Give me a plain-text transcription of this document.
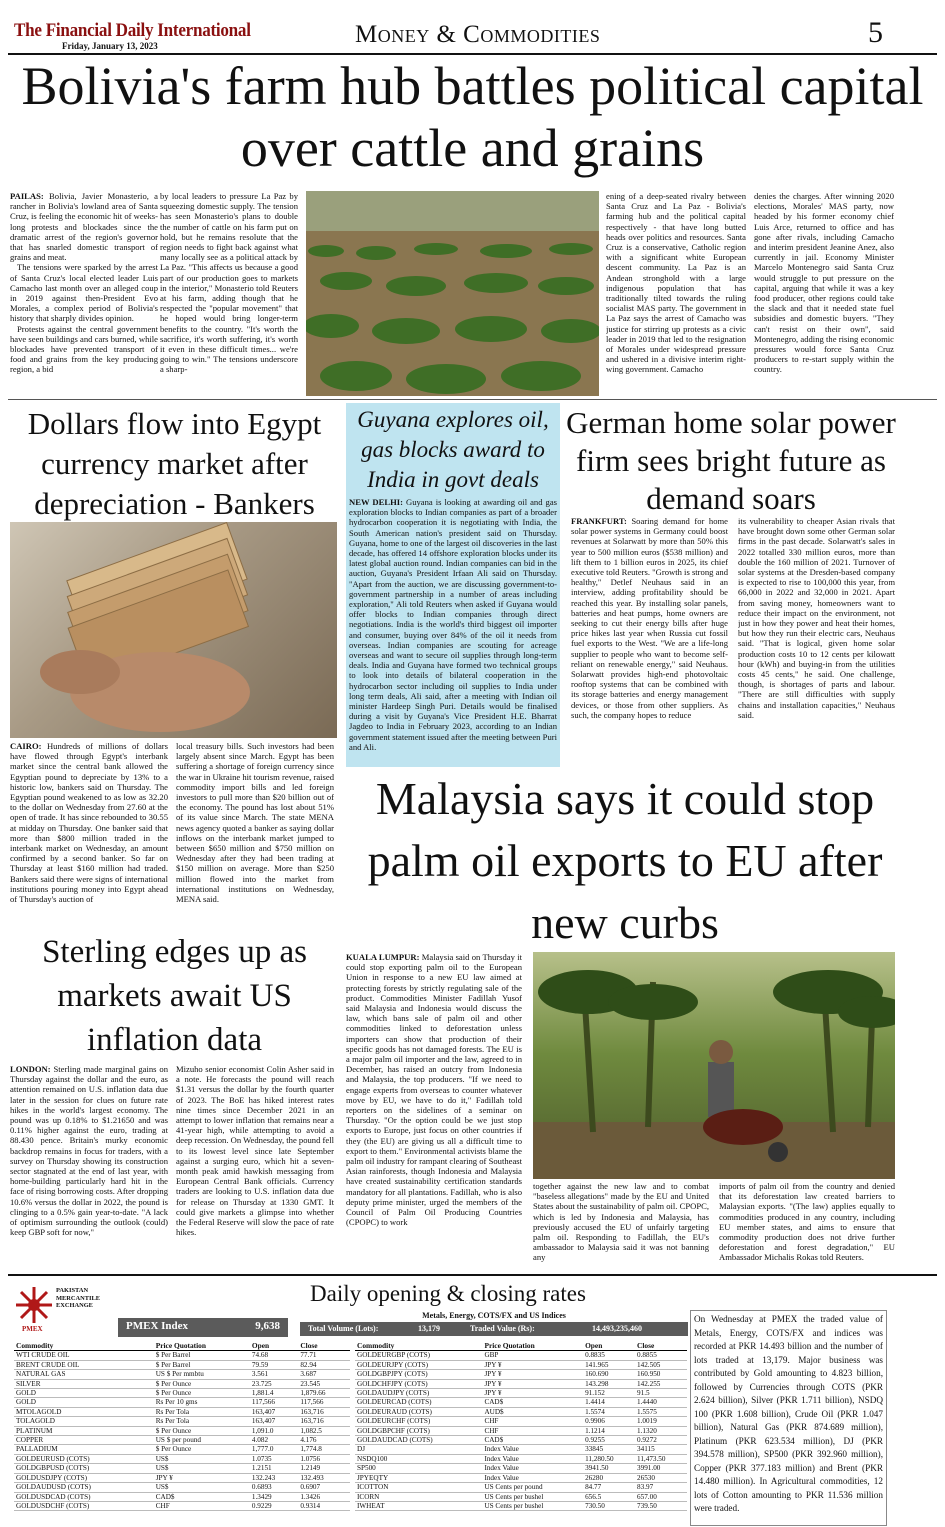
The Financial Daily International
Friday, January 13, 2023	Money & Commodities	5
Bolivia's farm hub battles political capital over cattle and grains
PAILAS: Bolivia, Javier Monasterio, a rancher in Bolivia's lowland area of Santa Cruz, is feeling the economic hit of weeks-long protests and blockades since the dramatic arrest of the region's governor that has snarled domestic transport of grains and meat.

The tensions were sparked by the arrest of Santa Cruz's local elected leader Luis Camacho last month over an alleged coup in 2019 against then-President Evo Morales, a complex period of Bolivia's history that sharply divides opinion.

Protests against the central government have seen buildings and cars burned, while blockades have prevented transport of food and grains from the key producing region, a bid

by local leaders to pressure La Paz by squeezing domestic supply. The tension has seen Monasterio's plans to double the number of cattle on his farm put on hold, but he remains resolute that the region needs to fight back against what many locally see as a political attack by La Paz. "This affects us because a good part of our production goes to markets in the interior," Monasterio told Reuters at his farm, adding though that he respected the "popular movement" that he hoped would bring longer-term benefits to the country. "It's worth the sacrifice, it's worth suffering, it's worth it even in these difficult times... we're going to win." The tensions underscore a sharp-
ening of a deep-seated rivalry between Santa Cruz and La Paz - Bolivia's farming hub and the political capital respectively - that have long butted heads over politics and resources. Santa Cruz is a conservative, Catholic region with a significant white European descent community. La Paz is an Andean stronghold with a large indigenous population that has traditionally tilted towards the ruling socialist MAS party. The government in La Paz says the arrest of Camacho was justice for stirring up protests as a civic leader in 2019 that led to the resignation of Morales under widespread pressure and ushered in a divisive interim right-wing government. Camacho
denies the charges. After winning 2020 elections, Morales' MAS party, now headed by his former economy chief Luis Arce, returned to office and has gone after rivals, including Camacho and interim president Jeanine Anez, also currently in jail. Economy Minister Marcelo Montenegro said Santa Cruz would struggle to put pressure on the capital, arguing that while it was a key food producer, other regions could take the slack and that it needed state fuel subsidies and domestic buyers. "They can't resist on their own", said Montenegro, adding the rising economic pressures would force Santa Cruz producers to re-start supply within the country.
Dollars flow into Egypt currency market after depreciation - Bankers
CAIRO: Hundreds of millions of dollars have flowed through Egypt's interbank market since the central bank allowed the Egyptian pound to depreciate by 13% to a historic low, bankers said on Thursday. The Egyptian pound weakened to as low as 32.20 to the dollar on Wednesday from 27.60 at the open of trade. It has since rebounded to 30.55 at midday on Thursday. One banker said that more than $800 million traded in the interbank market on Wednesday, an amount confirmed by a second banker. So far on Thursday at least $160 million had traded. Bankers said there were signs of international institutions pouring money into Egypt ahead of Thursday's auction of
local treasury bills. Such investors had been largely absent since March. Egypt has been suffering a shortage of foreign currency since the war in Ukraine hit tourism revenue, raised commodity import bills and led foreign investors to pull more than $20 billion out of the economy. The pound has lost about 51% of its value since March. The state MENA news agency quoted a banker as saying dollar inflows on the interbank market jumped to between $650 million and $750 million on Wednesday after they had been trading at $150 million on average. More than $250 million flowed into the market from international institutions on Wednesday, MENA said.
Guyana explores oil, gas blocks award to India in govt deals
NEW DELHI: Guyana is looking at awarding oil and gas exploration blocks to Indian companies as part of a broader hydrocarbon cooperation it is negotiating with India, the South American nation's president said on Thursday. Guyana, home to one of the largest oil discoveries in the last decade, has offered 14 offshore exploration blocks under its latest global auction round. Indian companies can bid in the auction, Guyana's President Irfaan Ali said on Thursday. "Apart from the auction, we are discussing government-to-government partnership in a number of areas including exploration," Ali told Reuters when asked if Guyana would offer blocks to Indian companies through direct negotiations. India is the world's third biggest oil importer and consumer, buying over 84% of the oil it needs from overseas. Indian companies are scouting for acreage overseas and want to secure oil supplies through long-term deals. India and Guyana have formed two technical groups to look into details of bilateral cooperation in the hydrocarbon sector including oil supplies to India under long term deals, Ali said, after a meeting with Indian oil minister Hardeep Singh Puri. Details would be finalised during a visit by Guyana's Vice President H.E. Bharrat Jagdeo to India in February 2023, according to an Indian government statement issued after the meeting between Puri and Ali.
German home solar power firm sees bright future as demand soars
FRANKFURT: Soaring demand for home solar power systems in Germany could boost revenues at Solarwatt by more than 50% this year to 500 million euros ($538 million) and lift them to 1 billion euros in 2025, its chief executive told Reuters. "Growth is strong and healthy," Detlef Neuhaus said in an interview, adding profitability should be reached this year. By installing solar panels, batteries and heat pumps, home owners are seeking to cut their energy bills after huge price hikes last year when Russia cut fossil fuel exports to the West. "We are a life-long supplier to people who want to become self-reliant on renewable energy," said Neuhaus. Solarwatt provides high-end photovoltaic rooftop systems that can be combined with its storage batteries and energy management devices, or those from other suppliers. As such, the company hopes to reduce
its vulnerability to cheaper Asian rivals that have brought down some other German solar firms in the past decade. Solarwatt's sales in 2022 totalled 330 million euros, more than double the 160 million of 2021. Turnover of solar systems at the Dresden-based company is expected to rise to 100,000 this year, from 66,000 in 2022 and 32,000 in 2021. Apart from saving money, homeowners want to reduce their impact on the environment, not just in how they power and heat their homes, but how they run their electric cars, Neuhaus said. "That is logical, given home solar production costs 10 to 12 cents per kilowatt hour (kWh) and buying-in from the utilities costs 45 cents," he said. One challenge, though, is shortages of parts and labour. "There are still difficulties with supply chains and installation capacities," Neuhaus said.
Malaysia says it could stop palm oil exports to EU after new curbs
KUALA LUMPUR: Malaysia said on Thursday it could stop exporting palm oil to the European Union in response to a new EU law aimed at protecting forests by strictly regulating sale of the product. Commodities Minister Fadillah Yusof said Malaysia and Indonesia would discuss the law, which bans sale of palm oil and other commodities linked to deforestation unless importers can show that production of their specific goods has not damaged forests. The EU is a major palm oil importer and the law, agreed to in December, has raised an outcry from Indonesia and Malaysia, the top producers. "If we need to engage experts from overseas to counter whatever move by EU, we have to do it," Fadillah told reporters on the sidelines of a seminar on Thursday. "Or the option could be we just stop exports to Europe, just focus on other countries if they (the EU) are giving us all a difficult time to export to them." Environmental activists blame the palm oil industry for rampant clearing of Southeast Asian rainforests, though Indonesia and Malaysia have created sustainability certification standards mandatory for all plantations. Fadillah, who is also deputy prime minister, urged the members of the Council of Palm Oil Producing Countries (CPOPC) to work
together against the new law and to combat "baseless allegations" made by the EU and United States about the sustainability of palm oil. CPOPC, which is led by Indonesia and Malaysia, has previously accused the EU of unfairly targeting palm oil. Responding to Fadillah, the EU's ambassador to Malaysia said it was not banning any
imports of palm oil from the country and denied that its deforestation law created barriers to Malaysian exports. "(The law) applies equally to commodities produced in any country, including EU member states, and aims to ensure that commodity production does not drive further deforestation and forest degradation," EU Ambassador Michalis Rokas told Reuters.
Sterling edges up as markets await US inflation data
LONDON: Sterling made marginal gains on Thursday against the dollar and the euro, as attention remained on U.S. inflation data due later in the session for clues on future rate hikes in the world's largest economy. The pound was up 0.18% to $1.21650 and was 0.11% higher against the euro, trading at 88.430 pence. Britain's murky economic backdrop remains in focus for traders, with a survey on Thursday showing its construction sector stagnated at the end of last year, with home-building particularly hard hit in the face of rising borrowing costs. After dropping 10.6% versus the dollar in 2022, the pound is clinging to a 0.5% gain year-to-date. "A lack of optimism surrounding the outlook (could) keep GBP soft for now,"
Mizuho senior economist Colin Asher said in a note. He forecasts the pound will reach $1.31 versus the dollar by the fourth quarter of 2023. The BoE has hiked interest rates nine times since December 2021 in an attempt to lower inflation that remains near a 41-year high, while attempting to avoid a deep recession. On Wednesday, the pound fell to its lowest level since late September against a surging euro, which hit a seven-month peak amid hawkish messaging from European Central Bank officials. Currency traders are looking to U.S. inflation data due for release on Thursday at 1330 GMT. It could give markets a glimpse into whether the Federal Reserve will slow the pace of rate hikes.
PAKISTAN MERCANTILE EXCHANGE
PMEX
Daily opening & closing rates
PMEX Index	9,638
Metals, Energy, COTS/FX and US Indices
Total Volume (Lots):	13,179	Traded Value (Rs):	14,493,235,460
Commodity	Price Quotation	Open	Close
WTI CRUDE OIL	$ Per Barrel	74.68	77.71
BRENT CRUDE OIL	$ Per Barrel	79.59	82.94
NATURAL GAS	US $ Per mmbtu	3.561	3.687
SILVER	$ Per Ounce	23.725	23.545
GOLD	$ Per Ounce	1,881.4	1,879.66
GOLD	Rs Per 10 gms	117,566	117,566
MTOLAGOLD	Rs Per Tola	163,407	163,716
TOLAGOLD	Rs Per Tola	163,407	163,716
PLATINUM	$ Per Ounce	1,091.0	1,082.5
COPPER	US $ per pound	4.082	4.176
PALLADIUM	$ Per Ounce	1,777.0	1,774.8
GOLDEURUSD (COTS)	US$	1.0735	1.0756
GOLDGBPUSD (COTS)	US$	1.2151	1.2149
GOLDUSDJPY (COTS)	JPY ¥	132.243	132.493
GOLDAUDUSD (COTS)	US$	0.6893	0.6907
GOLDUSDCAD (COTS)	CAD$	1.3429	1.3426
GOLDUSDCHF (COTS)	CHF	0.9229	0.9314
Commodity	Price Quotation	Open	Close
GOLDEURGBP (COTS)	GBP	0.8835	0.8855
GOLDEURJPY (COTS)	JPY ¥	141.965	142.505
GOLDGBPJPY (COTS)	JPY ¥	160.690	160.950
GOLDCHFJPY (COTS)	JPY ¥	143.298	142.255
GOLDAUDJPY (COTS)	JPY ¥	91.152	91.5
GOLDEURCAD (COTS)	CAD$	1.4414	1.4440
GOLDEURAUD (COTS)	AUD$	1.5574	1.5575
GOLDEURCHF (COTS)	CHF	0.9906	1.0019
GOLDGBPCHF (COTS)	CHF	1.1214	1.1320
GOLDAUDCAD (COTS)	CAD$	0.9255	0.9272
DJ	Index Value	33845	34115
NSDQ100	Index Value	11,280.50	11,473.50
SP500	Index Value	3941.50	3991.00
JPYEQTY	Index Value	26280	26530
ICOTTON	US Cents per pound	84.77	83.97
ICORN	US Cents per bushel	656.5	657.00
IWHEAT	US Cents per bushel	730.50	739.50
On Wednesday at PMEX the traded value of Metals, Energy, COTS/FX and indices was recorded at PKR 14.493 billion and the number of lots traded at 13,179. Major business was contributed by Gold amounting to 4.823 billion, followed by Currencies through COTS (PKR 2.624 billion), Silver (PKR 1.711 billion), NSDQ 100 (PKR 1.608 billion), Crude Oil (PKR 1.047 billion), Natural Gas (PKR 874.689 million), Platinum (PKR 623.534 million), DJ (PKR 394.578 million), SP500 (PKR 392.960 million), Copper (PKR 377.183 million) and Brent (PKR 14.480 million). In Agricultural commodities, 12 lots of Cotton amounting to PKR 11.536 million were traded.
